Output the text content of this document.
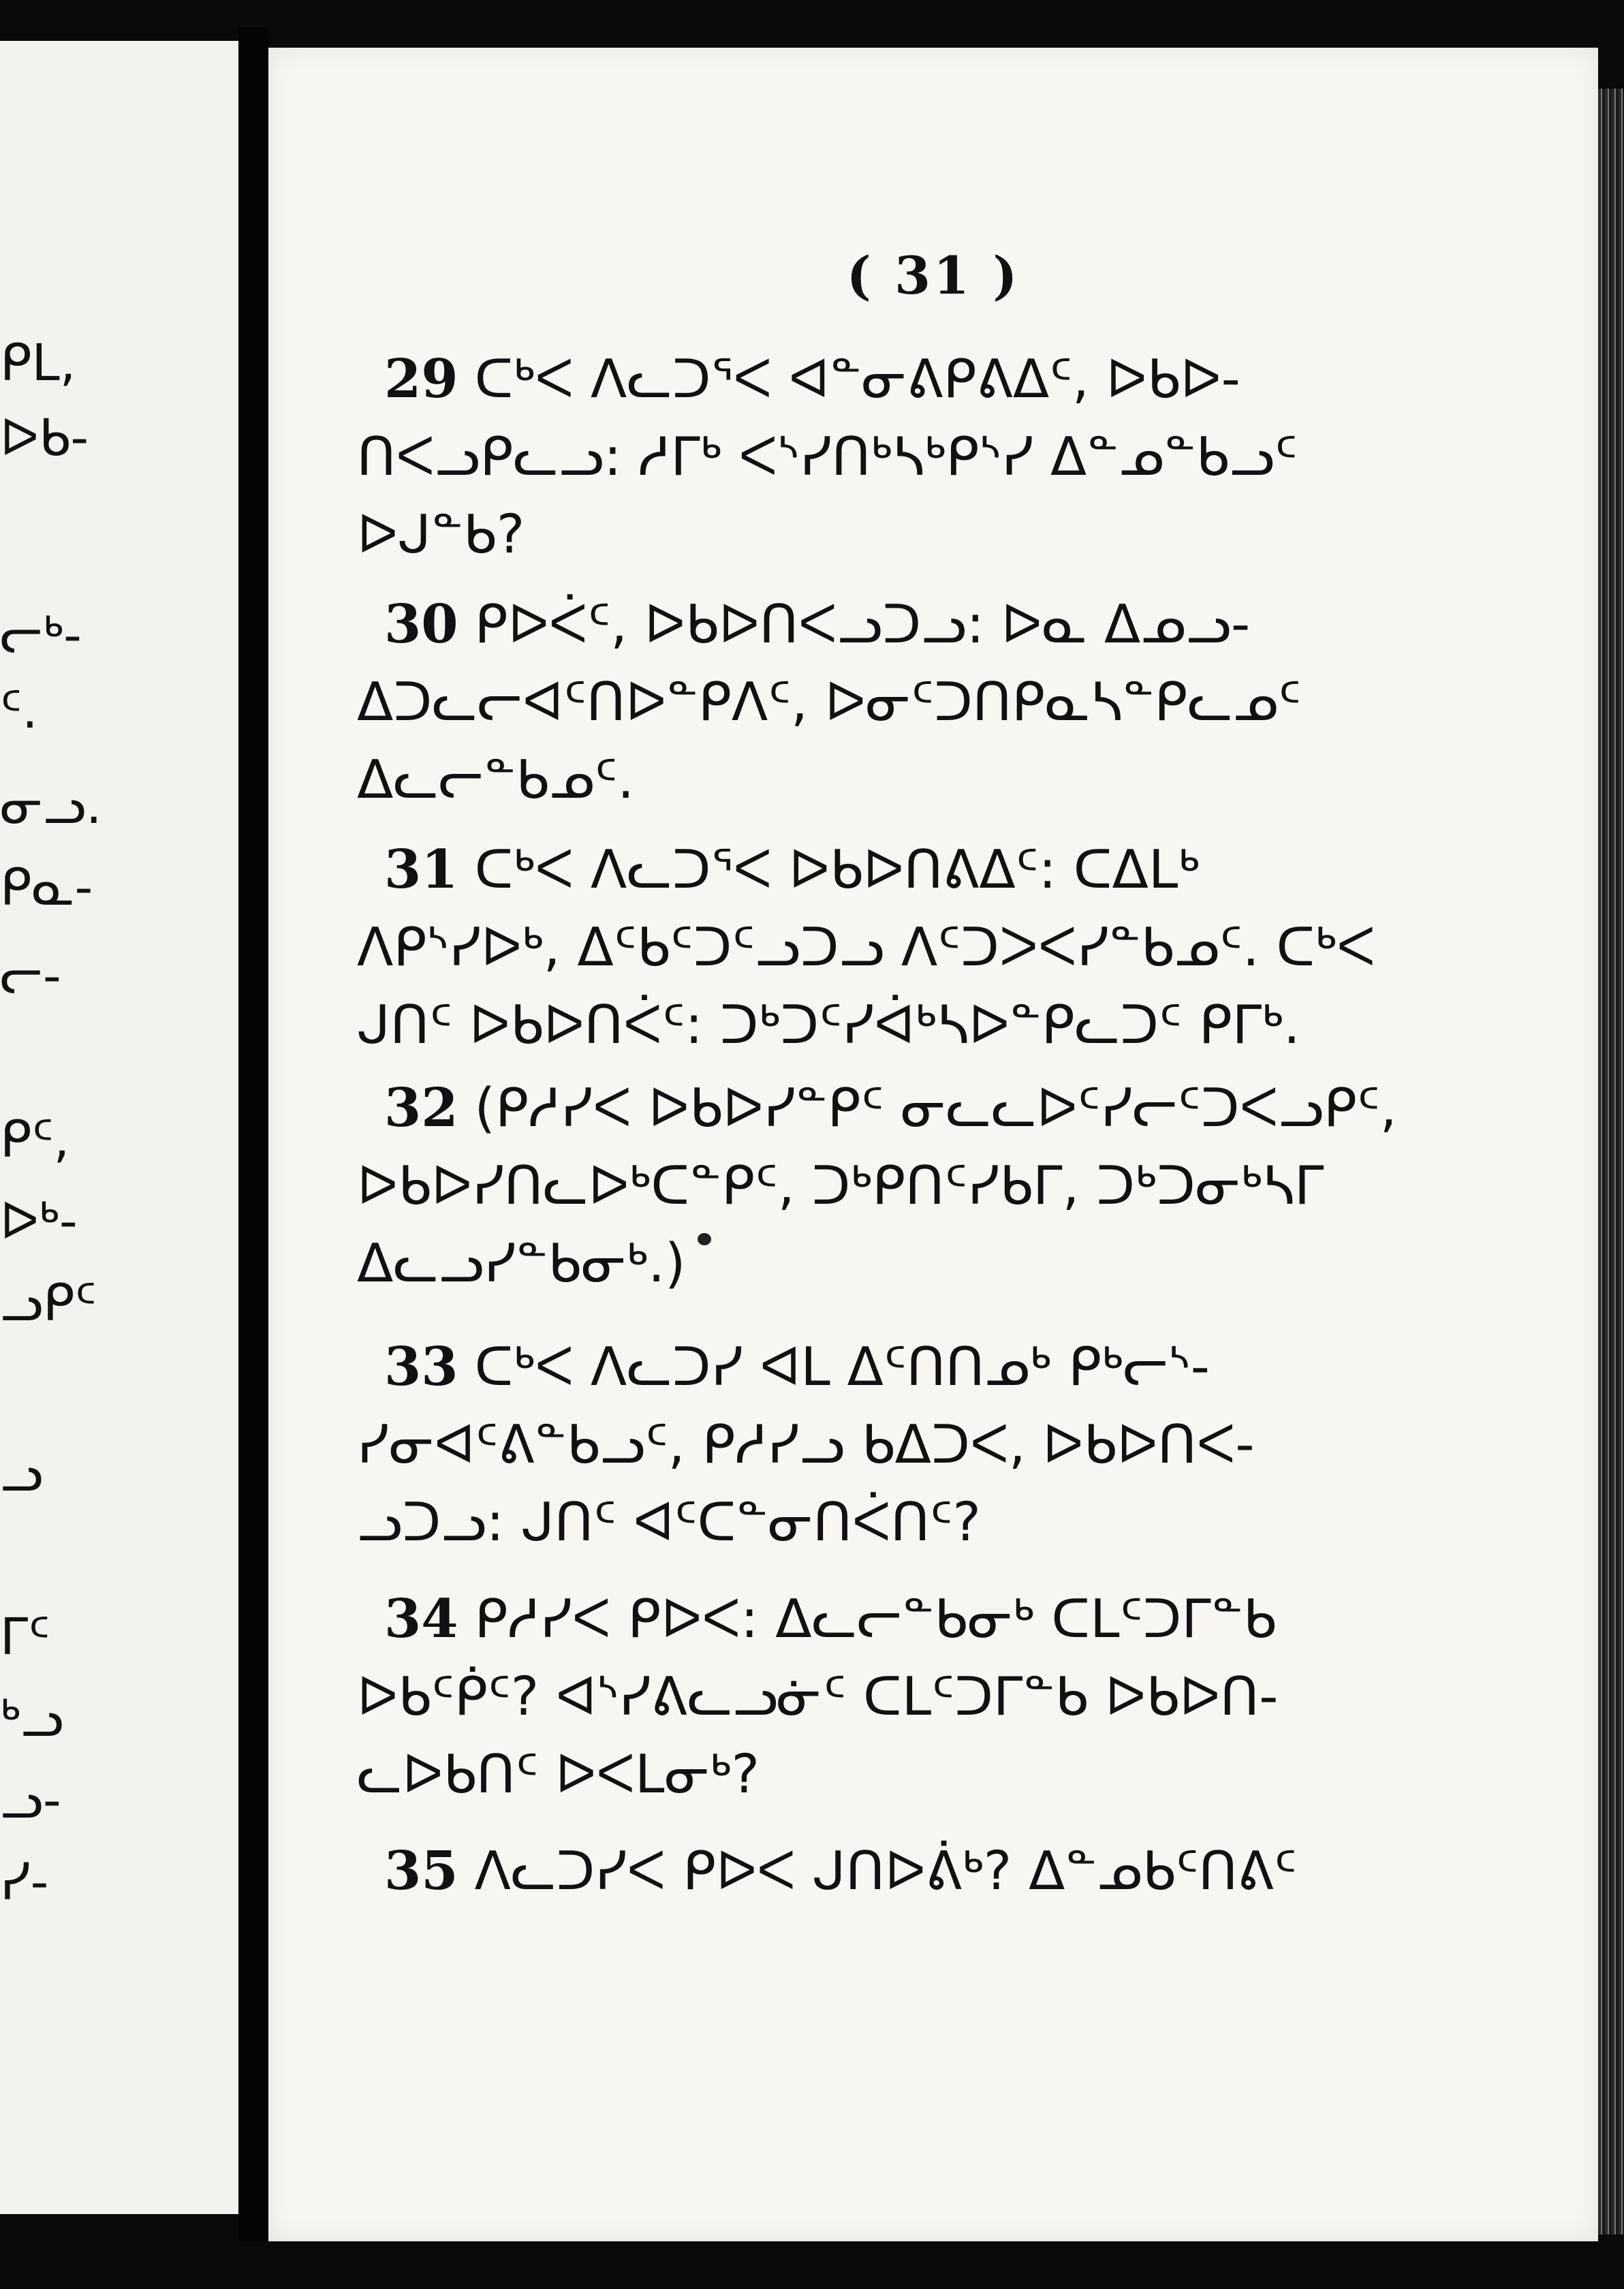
ᑭᒪ,
ᐅᑲ-
ᓕᒃ-
ᑦ.
ᓂᓗ.
ᑭᓇ-
ᓕ-
ᑭᑦ,
ᐅᒃ-
ᓗᑭᑦ
ᓗ
ᒥᑦ
ᒃᓗ
ᓗ-
ᓯ-
( 31 )
29 ᑕᒃᐸ ᐱᓚᑐᕐᐸ ᐊᓐᓂᕕᑭᕕᐃᑦ, ᐅᑲᐅ-
ᑎᐸᓗᑭᓚᓗ: ᓱᒥᒃ ᐸᔅᓯᑎᒃᓴᒃᑭᔅᓯ ᐃᓐᓄᓐᑲᓗᑦ
ᐅᒍᓐᑲ?
30 ᑭᐅᐹᑦ, ᐅᑲᐅᑎᐸᓗᑐᓗ: ᐅᓇ ᐃᓄᓗ-
ᐃᑐᓚᓕᐊᑦᑎᐅᓐᑭᐱᑦ, ᐅᓂᑦᑐᑎᑭᓇᓴᓐᑭᓚᓄᑦ
ᐃᓚᓕᓐᑲᓄᑦ.
31 ᑕᒃᐸ ᐱᓚᑐᕐᐸ ᐅᑲᐅᑎᕕᐃᑦ: ᑕᐃᒪᒃ
ᐱᑭᔅᓯᐅᒃ, ᐃᑦᑲᑦᑐᑦᓗᑐᓗ ᐱᑦᑐᐳᐸᓯᓐᑲᓄᑦ. ᑕᒃᐸ
ᒍᑎᑦ ᐅᑲᐅᑎᐹᑦ: ᑐᒃᑐᑦᓯᐋᒃᓴᐅᓐᑭᓚᑐᑦ ᑭᒥᒃ.
32 (ᑭᓱᓯᐸ ᐅᑲᐅᓯᓐᑭᑦ ᓂᓚᓚᐅᑦᓯᓕᑦᑐᐸᓗᑭᑦ,
ᐅᑲᐅᓯᑎᓚᐅᒃᑕᓐᑭᑦ, ᑐᒃᑭᑎᑦᓯᑲᒥ, ᑐᒃᑐᓂᒃᓴᒥ
ᐃᓚᓗᓯᓐᑲᓂᒃ.)
33 ᑕᒃᐸ ᐱᓚᑐᓯ ᐊᒪ ᐃᑦᑎᑎᓄᒃ ᑭᒃᓕᔅ-
ᓯᓂᐊᑦᕕᓐᑲᓗᑦ, ᑭᓱᓯᓗ ᑲᐃᑐᐸ, ᐅᑲᐅᑎᐸ-
ᓗᑐᓗ: ᒍᑎᑦ ᐊᑦᑕᓐᓂᑎᐹᑎᑦ?
34 ᑭᓱᓯᐸ ᑭᐅᐸ: ᐃᓚᓕᓐᑲᓂᒃ ᑕᒪᑦᑐᒥᓐᑲ
ᐅᑲᑦᑮᑦ? ᐊᔅᓯᕕᓚᓗᓃᑦ ᑕᒪᑦᑐᒥᓐᑲ ᐅᑲᐅᑎ-
ᓚᐅᑲᑎᑦ ᐅᐸᒪᓂᒃ?
35 ᐱᓚᑐᓯᐸ ᑭᐅᐸ ᒍᑎᐅᕖᒃ? ᐃᓐᓄᑲᑦᑎᕕᑦ
